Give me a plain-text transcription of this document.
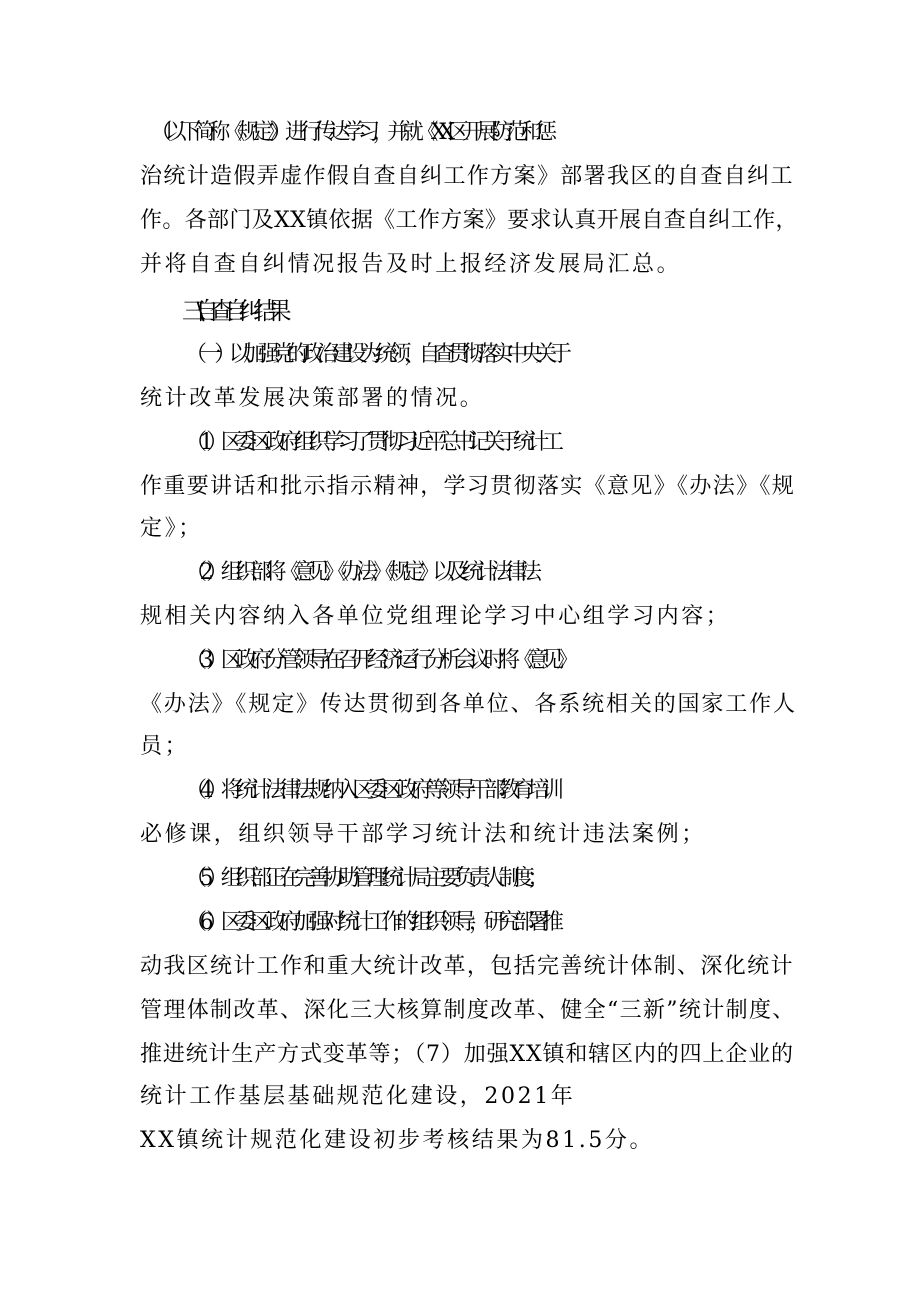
（以下简称《规定》）进行传达学习，并就《XX区开展防范和惩
治统计造假弄虚作假自查自纠工作方案》部署我区的自查自纠工
作。各部门及XX镇依据《工作方案》要求认真开展自查自纠工作，
并将自查自纠情况报告及时上报经济发展局汇总。
三\自查自纠结果
（一）以加强党的政治建设为统领，自查贯彻落实中央关于
统计改革发展决策部署的情况。
（1）区委区政府组织学习了贯彻习近平总书记关于统计工
作重要讲话和批示指示精神，学习贯彻落实《意见》《办法》《规
定》；
（2）组织部将《意见》《办法》《规定》以及统计法律法
规相关内容纳入各单位党组理论学习中心组学习内容；
（3）区政府分管领导在召开经济运行分析会议时将《意见》
《办法》《规定》传达贯彻到各单位、各系统相关的国家工作人
员；
（4）将统计法律法规纳入区委区政府等领导干部教育培训
必修课，组织领导干部学习统计法和统计违法案例；
（5）组织部正在完善协助管理统计局主要负责人制度；
（6）区委区政府加强对统计工作的组织领导，研究部署推
动我区统计工作和重大统计改革，包括完善统计体制、深化统计
管理体制改革、深化三大核算制度改革、健全“三新”统计制度、
推进统计生产方式变革等；（7）加强XX镇和辖区内的四上企业的
统计工作基层基础规范化建设，2021年
XX镇统计规范化建设初步考核结果为81.5分。
